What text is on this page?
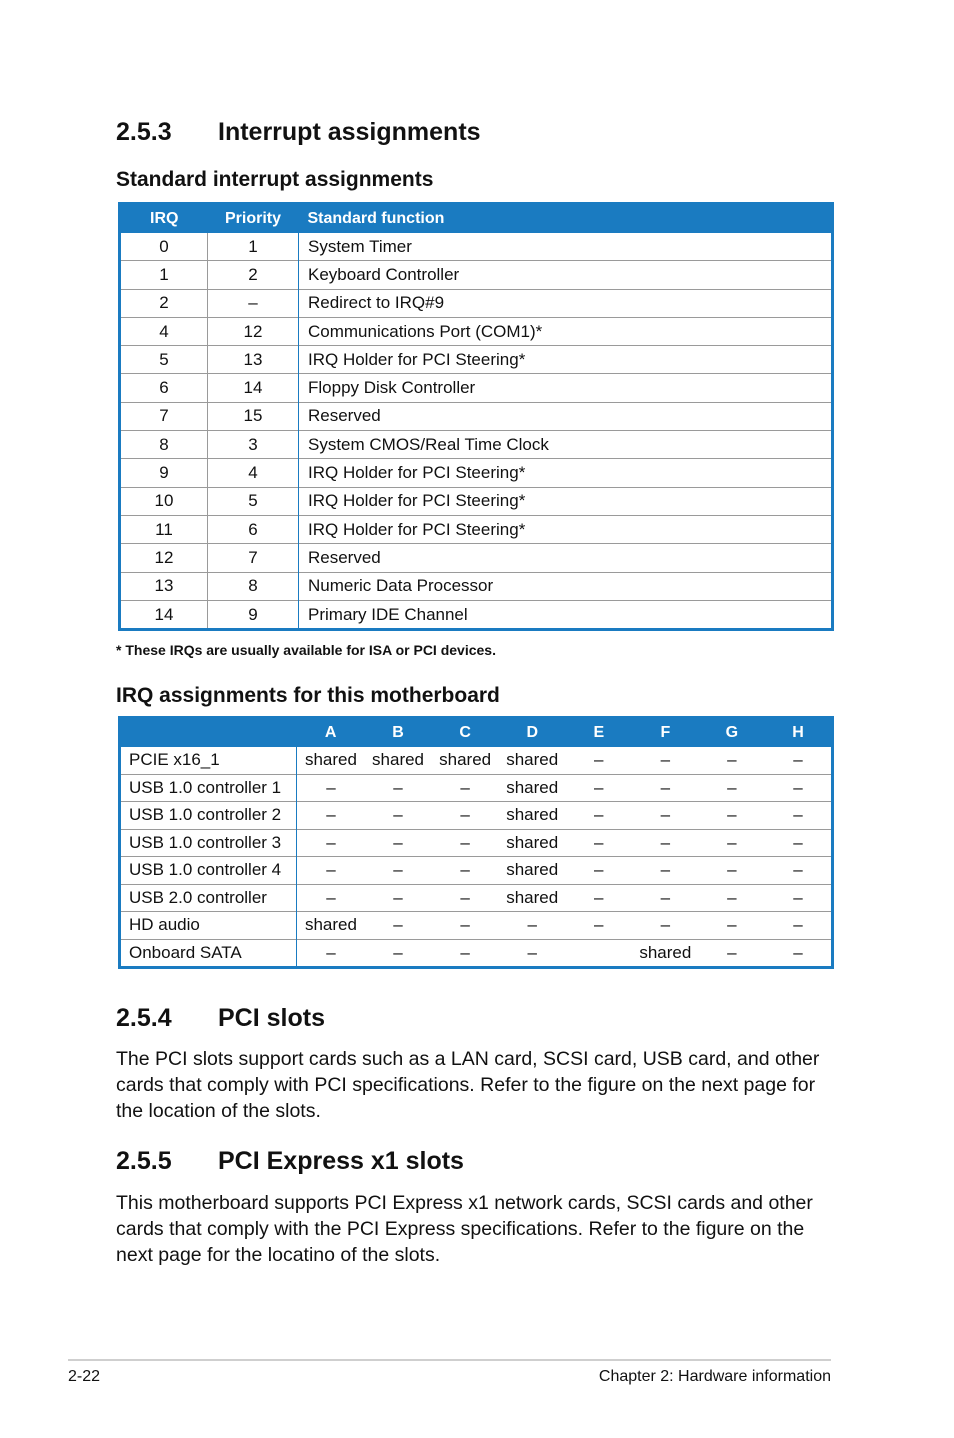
2.5.3 Interrupt assignments
Standard interrupt assignments
IRQ	Priority	Standard function
0	1	System Timer
1	2	Keyboard Controller
2	–	Redirect to IRQ#9
4	12	Communications Port (COM1)*
5	13	IRQ Holder for PCI Steering*
6	14	Floppy Disk Controller
7	15	Reserved
8	3	System CMOS/Real Time Clock
9	4	IRQ Holder for PCI Steering*
10	5	IRQ Holder for PCI Steering*
11	6	IRQ Holder for PCI Steering*
12	7	Reserved
13	8	Numeric Data Processor
14	9	Primary IDE Channel

* These IRQs are usually available for ISA or PCI devices.

IRQ assignments for this motherboard
	A	B	C	D	E	F	G	H
PCIE x16_1	shared	shared	shared	shared	–	–	–	–
USB 1.0 controller 1	–	–	–	shared	–	–	–	–
USB 1.0 controller 2	–	–	–	shared	–	–	–	–
USB 1.0 controller 3	–	–	–	shared	–	–	–	–
USB 1.0 controller 4	–	–	–	shared	–	–	–	–
USB 2.0 controller	–	–	–	shared	–	–	–	–
HD audio	shared	–	–	–	–	–	–	–
Onboard SATA	–	–	–	–		shared	–	–
2.5.4 PCI slots

The PCI slots support cards such as a LAN card, SCSI card, USB card, and other cards that comply with PCI specifications. Refer to the figure on the next page for the location of the slots.

2.5.5 PCI Express x1 slots

This motherboard supports PCI Express x1 network cards, SCSI cards and other cards that comply with the PCI Express specifications. Refer to the figure on the next page for the locatino of the slots.

2-22	Chapter 2: Hardware information
